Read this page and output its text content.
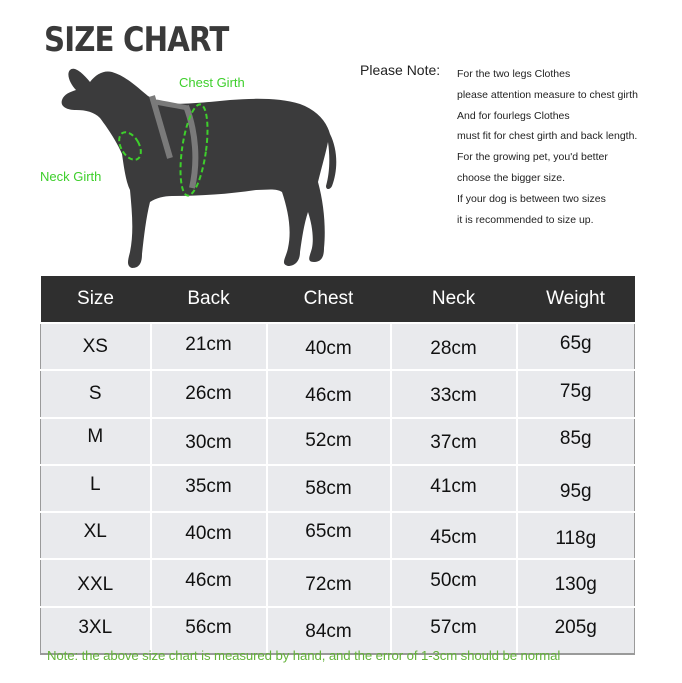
SIZE CHART
Chest Girth
Neck Girth
Please Note: For the two legs Clothes
please attention measure to chest girth
And for fourlegs Clothes
must fit for chest girth and back length.
For the growing pet, you'd better
choose the bigger size.
If your dog is between two sizes
it is recommended to size up.
Size	Back	Chest	Neck	Weight
XS	21cm	40cm	28cm	65g
S	26cm	46cm	33cm	75g
M	30cm	52cm	37cm	85g
L	35cm	58cm	41cm	95g
XL	40cm	65cm	45cm	118g
XXL	46cm	72cm	50cm	130g
3XL	56cm	84cm	57cm	205g
Note: the above size chart is measured by hand, and the error of 1-3cm should be normal
